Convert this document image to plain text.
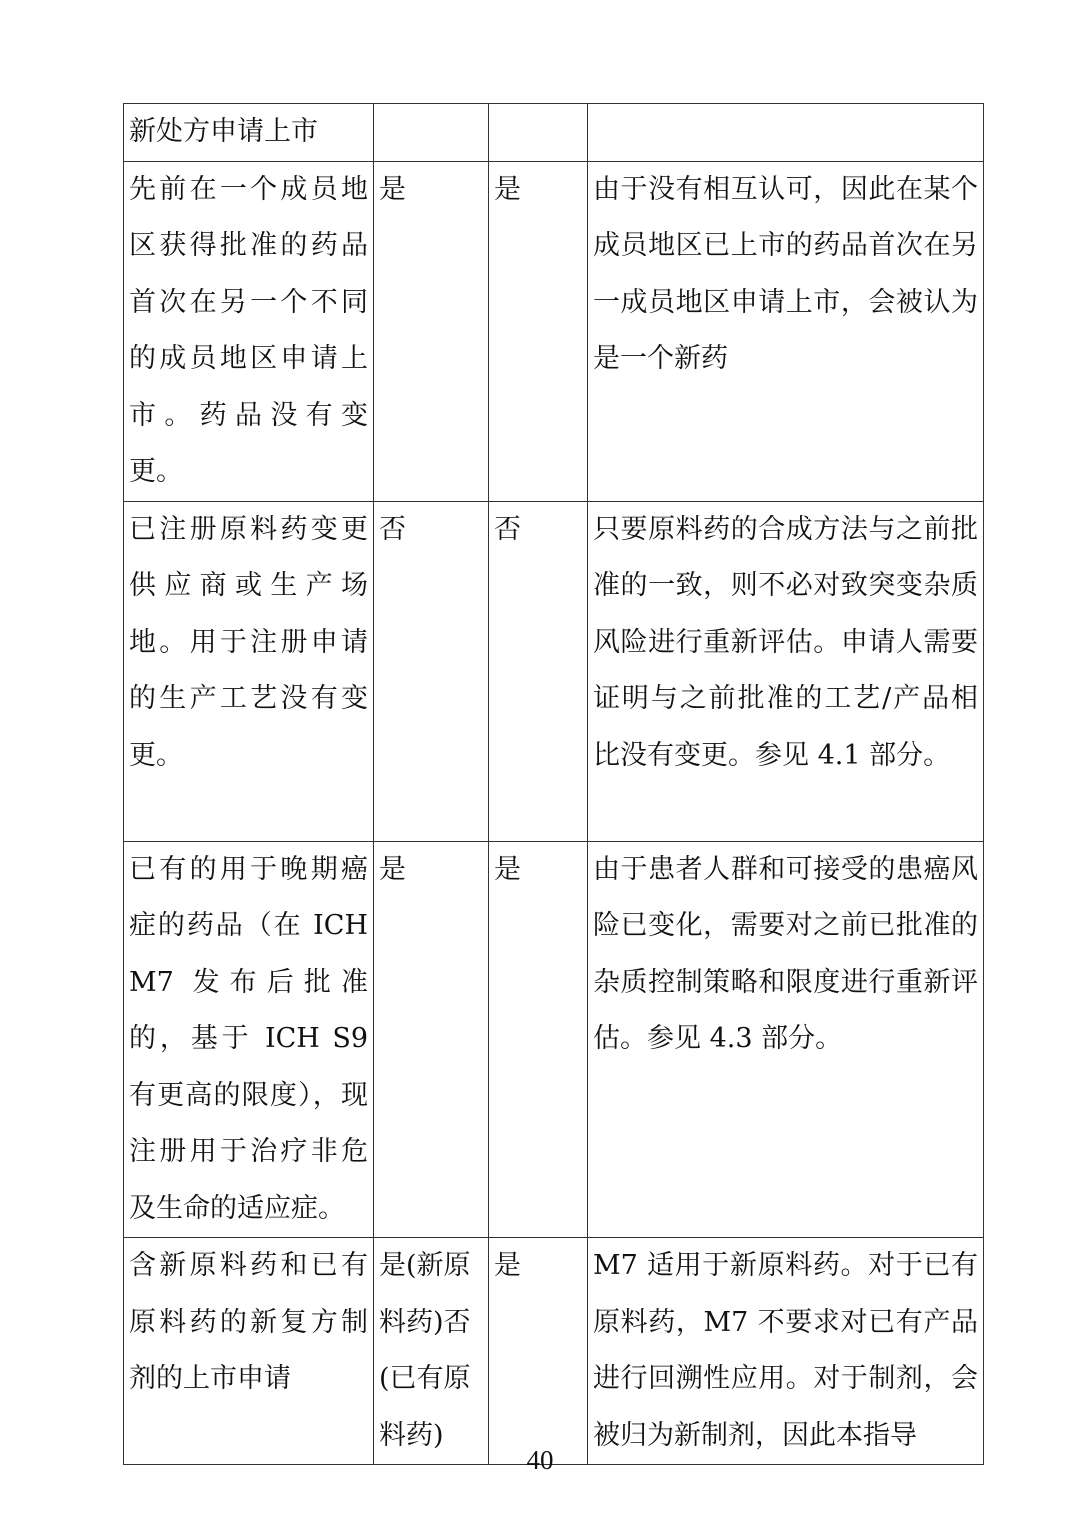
新处方申请上市			
先前在一个成员地区获得批准的药品首次在另一个不同的成员地区申请上市。药品没有变更。	是	是	由于没有相互认可，因此在某个成员地区已上市的药品首次在另一成员地区申请上市，会被认为是一个新药
已注册原料药变更供应商或生产场地。用于注册申请的生产工艺没有变更。	否	否	只要原料药的合成方法与之前批准的一致，则不必对致突变杂质风险进行重新评估。申请人需要证明与之前批准的工艺/产品相比没有变更。参见 4.1 部分。
已有的用于晚期癌症的药品（在 ICH M7 发布后批准的，基于 ICH S9 有更高的限度），现注册用于治疗非危及生命的适应症。	是	是	由于患者人群和可接受的患癌风险已变化，需要对之前已批准的杂质控制策略和限度进行重新评估。参见 4.3 部分。
含新原料药和已有原料药的新复方制剂的上市申请	是(新原料药)否(已有原料药)	是	M7 适用于新原料药。对于已有原料药，M7 不要求对已有产品进行回溯性应用。对于制剂，会被归为新制剂，因此本指导
40
